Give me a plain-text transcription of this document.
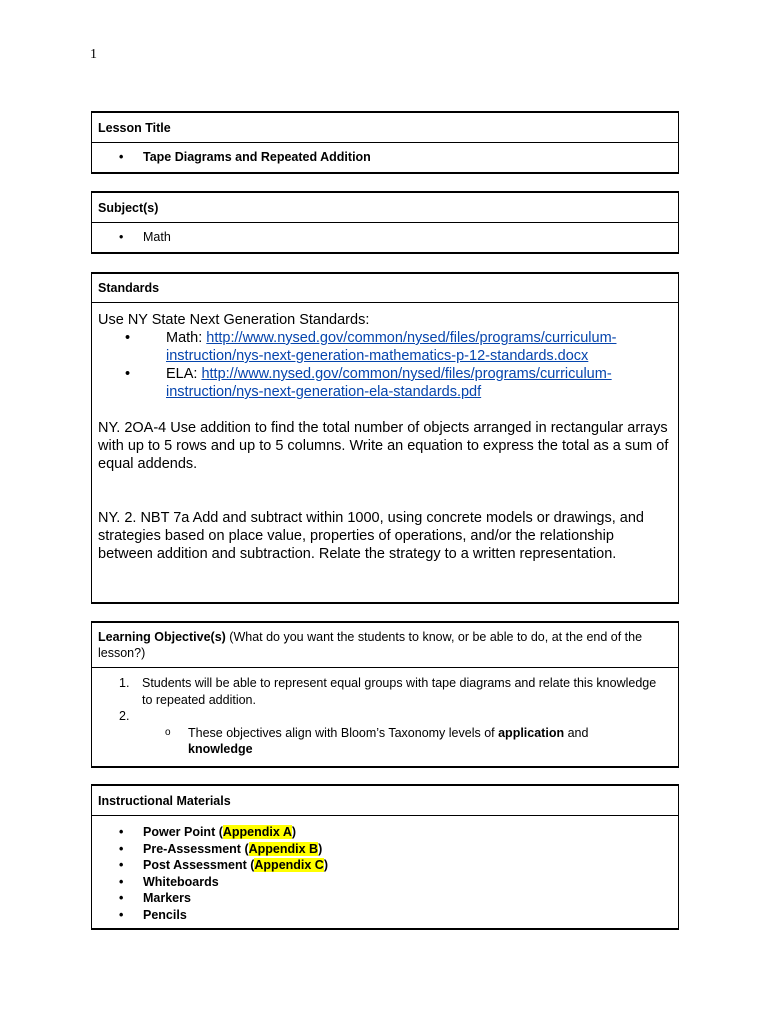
1
Lesson Title
• Tape Diagrams and Repeated Addition
Subject(s)
• Math
Standards
Use NY State Next Generation Standards:
• Math: http://www.nysed.gov/common/nysed/files/programs/curriculum-
instruction/nys-next-generation-mathematics-p-12-standards.docx
• ELA: http://www.nysed.gov/common/nysed/files/programs/curriculum-
instruction/nys-next-generation-ela-standards.pdf
NY. 2OA-4 Use addition to find the total number of objects arranged in rectangular arrays with up to 5 rows and up to 5 columns. Write an equation to express the total as a sum of equal addends.
NY. 2. NBT 7a Add and subtract within 1000, using concrete models or drawings, and strategies based on place value, properties of operations, and/or the relationship between addition and subtraction. Relate the strategy to a written representation.
Learning Objective(s) (What do you want the students to know, or be able to do, at the end of the lesson?)
1. Students will be able to represent equal groups with tape diagrams and relate this knowledge to repeated addition.
2.
o These objectives align with Bloom’s Taxonomy levels of application and knowledge
Instructional Materials
• Power Point (Appendix A)
• Pre-Assessment (Appendix B)
• Post Assessment (Appendix C)
• Whiteboards
• Markers
• Pencils
